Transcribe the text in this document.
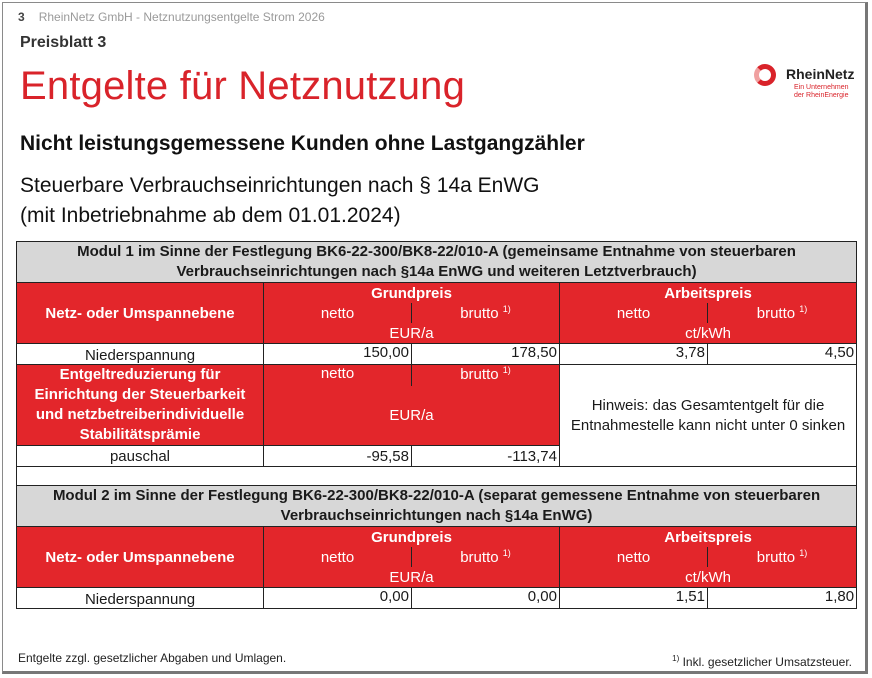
3 RheinNetz GmbH - Netznutzungsentgelte Strom 2026
Preisblatt 3
Entgelte für Netznutzung
Nicht leistungsgemessene Kunden ohne Lastgangzähler
Steuerbare Verbrauchseinrichtungen nach § 14a EnWG
(mit Inbetriebnahme ab dem 01.01.2024)
RheinNetz
Ein Unternehmen
der RheinEnergie
Modul 1 im Sinne der Festlegung BK6-22-300/BK8-22/010-A (gemeinsame Entnahme von steuerbaren Verbrauchseinrichtungen nach §14a EnWG und weiteren Letztverbrauch)				
Netz- oder Umspannebene	Grundpreis		Arbeitspreis	
	netto	brutto $^{1)}$	netto	brutto $^{1)}$
	EUR/a		ct/kWh	
Niederspannung	150,00	178,50	3,78	4,50
Entgeltreduzierung für Einrichtung der Steuerbarkeit und netzbetreiberindividuelle Stabilitätsprämie	netto	brutto $^{1)}$	Hinweis: das Gesamtentgelt für die Entnahmestelle kann nicht unter 0 sinken	
	EUR/a			
pauschal	-95,58	-113,74		

Modul 2 im Sinne der Festlegung BK6-22-300/BK8-22/010-A (separat gemessene Entnahme von steuerbaren Verbrauchseinrichtungen nach §14a EnWG)				
Netz- oder Umspannebene	Grundpreis		Arbeitspreis	
	netto	brutto $^{1)}$	netto	brutto $^{1)}$
	EUR/a		ct/kWh	
Niederspannung	0,00	0,00	1,51	1,80
Entgelte zzgl. gesetzlicher Abgaben und Umlagen.	$^{1)}$ Inkl. gesetzlicher Umsatzsteuer.
